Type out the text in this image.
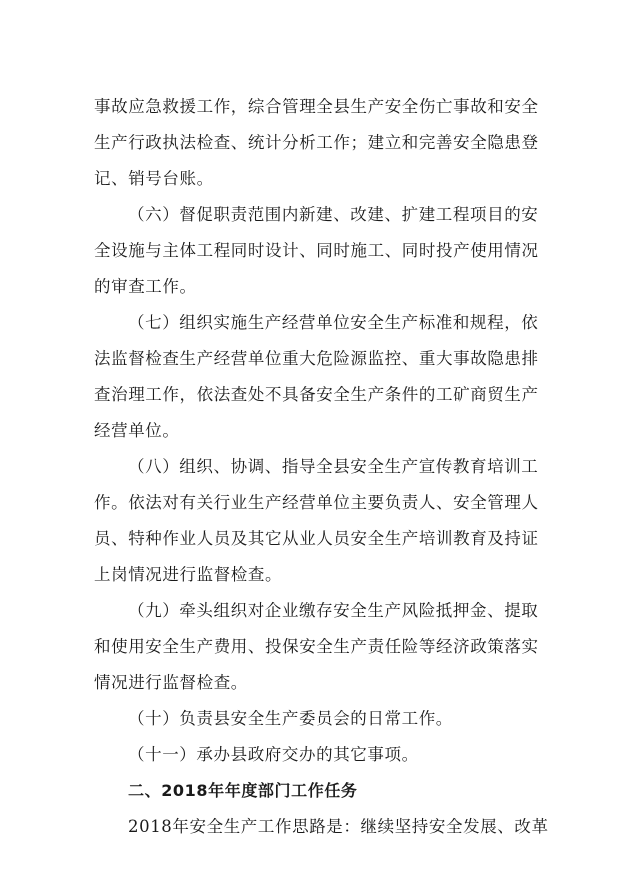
事故应急救援工作，综合管理全县生产安全伤亡事故和安全
生产行政执法检查、统计分析工作；建立和完善安全隐患登
记、销号台账。
（六）督促职责范围内新建、改建、扩建工程项目的安
全设施与主体工程同时设计、同时施工、同时投产使用情况
的审查工作。
（七）组织实施生产经营单位安全生产标准和规程，依
法监督检查生产经营单位重大危险源监控、重大事故隐患排
查治理工作，依法查处不具备安全生产条件的工矿商贸生产
经营单位。
（八）组织、协调、指导全县安全生产宣传教育培训工
作。依法对有关行业生产经营单位主要负责人、安全管理人
员、特种作业人员及其它从业人员安全生产培训教育及持证
上岗情况进行监督检查。
（九）牵头组织对企业缴存安全生产风险抵押金、提取
和使用安全生产费用、投保安全生产责任险等经济政策落实
情况进行监督检查。
（十）负责县安全生产委员会的日常工作。
（十一）承办县政府交办的其它事项。
二、2018年年度部门工作任务
2018年安全生产工作思路是：继续坚持安全发展、改革
